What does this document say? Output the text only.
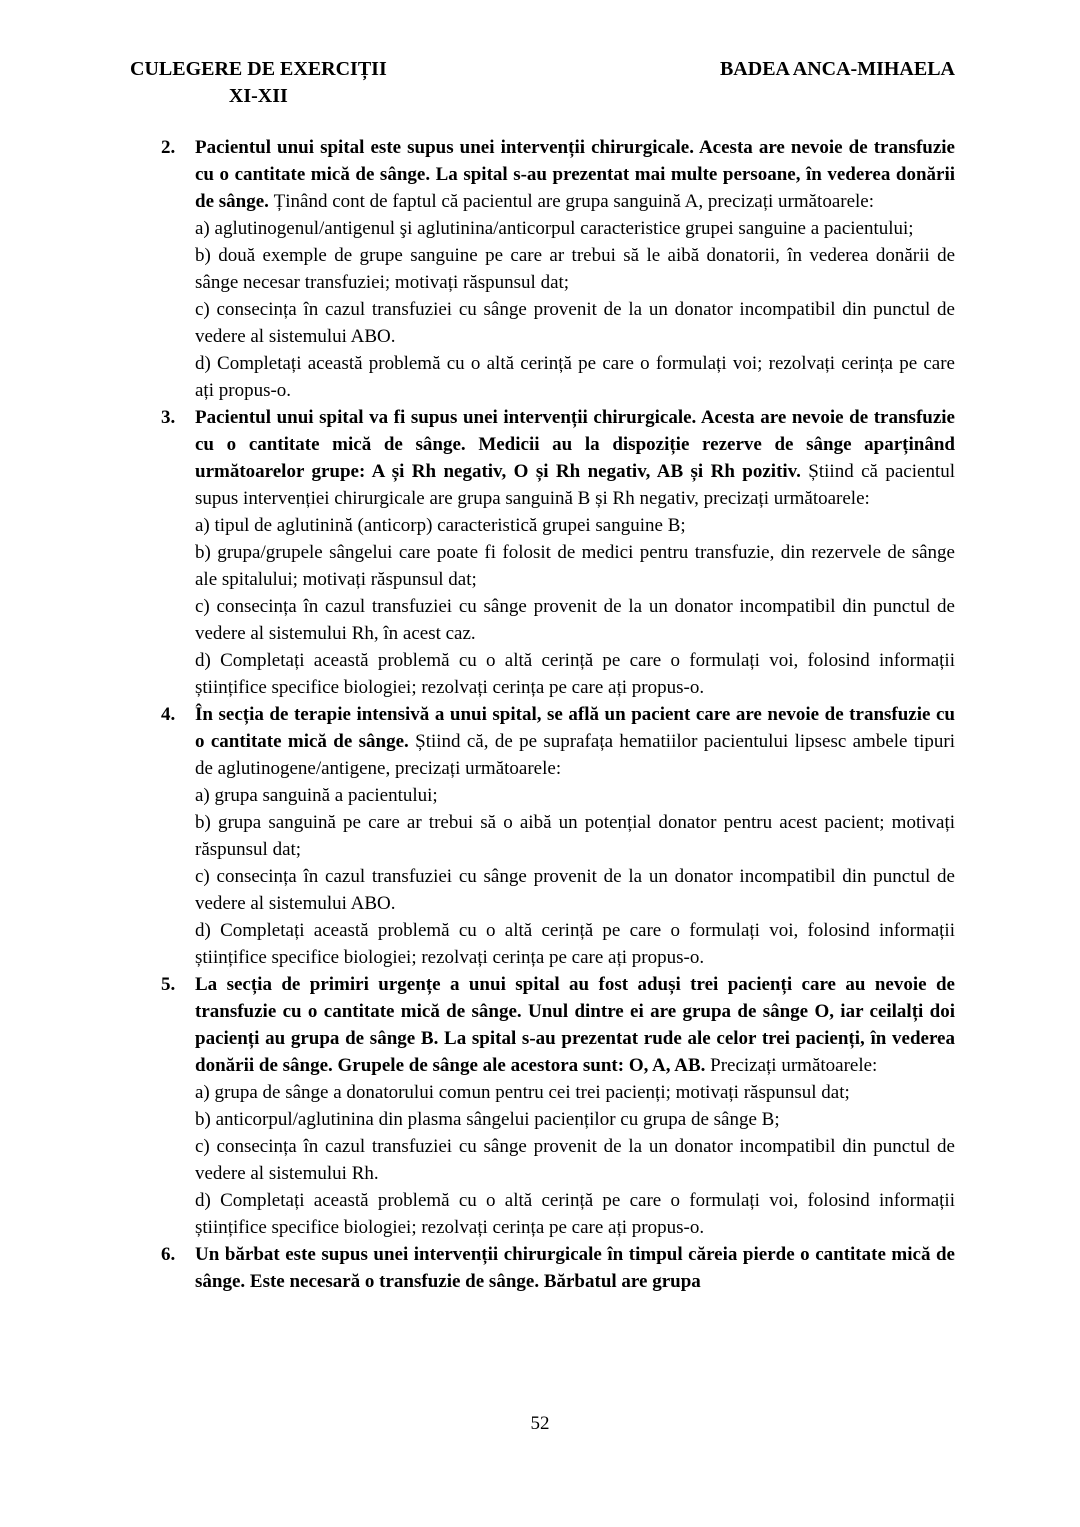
CULEGERE DE EXERCIȚII
XI-XII
BADEA ANCA-MIHAELA
2.	Pacientul unui spital este supus unei intervenții chirurgicale. Acesta are nevoie de transfuzie cu o cantitate mică de sânge. La spital s-au prezentat mai multe persoane, în vederea donării de sânge. Ținând cont de faptul că pacientul are grupa sanguină A, precizați următoarele:

a) aglutinogenul/antigenul şi aglutinina/anticorpul caracteristice grupei sanguine a pacientului;

b) două exemple de grupe sanguine pe care ar trebui să le aibă donatorii, în vederea donării de sânge necesar transfuziei; motivați răspunsul dat;

c) consecința în cazul transfuziei cu sânge provenit de la un donator incompatibil din punctul de vedere al sistemului ABO.

d) Completați această problemă cu o altă cerință pe care o formulați voi; rezolvați cerința pe care ați propus-o.

3.	Pacientul unui spital va fi supus unei intervenții chirurgicale. Acesta are nevoie de transfuzie cu o cantitate mică de sânge. Medicii au la dispoziție rezerve de sânge aparținând următoarelor grupe: A și Rh negativ, O și Rh negativ, AB și Rh pozitiv. Știind că pacientul supus intervenției chirurgicale are grupa sanguină B și Rh negativ, precizați următoarele:

a) tipul de aglutinină (anticorp) caracteristică grupei sanguine B;

b) grupa/grupele sângelui care poate fi folosit de medici pentru transfuzie, din rezervele de sânge ale spitalului; motivați răspunsul dat;

c) consecința în cazul transfuziei cu sânge provenit de la un donator incompatibil din punctul de vedere al sistemului Rh, în acest caz.

d) Completați această problemă cu o altă cerință pe care o formulați voi, folosind informații științifice specifice biologiei; rezolvați cerința pe care ați propus-o.

4.	În secția de terapie intensivă a unui spital, se află un pacient care are nevoie de transfuzie cu o cantitate mică de sânge. Știind că, de pe suprafața hematiilor pacientului lipsesc ambele tipuri de aglutinogene/antigene, precizați următoarele:

a) grupa sanguină a pacientului;

b) grupa sanguină pe care ar trebui să o aibă un potențial donator pentru acest pacient; motivați răspunsul dat;

c) consecința în cazul transfuziei cu sânge provenit de la un donator incompatibil din punctul de vedere al sistemului ABO.

d) Completați această problemă cu o altă cerință pe care o formulați voi, folosind informații științifice specifice biologiei; rezolvați cerința pe care ați propus-o.

5.	La secția de primiri urgențe a unui spital au fost aduși trei pacienți care au nevoie de transfuzie cu o cantitate mică de sânge. Unul dintre ei are grupa de sânge O, iar ceilalți doi pacienți au grupa de sânge B. La spital s-au prezentat rude ale celor trei pacienți, în vederea donării de sânge. Grupele de sânge ale acestora sunt: O, A, AB. Precizați următoarele:

a) grupa de sânge a donatorului comun pentru cei trei pacienți; motivați răspunsul dat;

b) anticorpul/aglutinina din plasma sângelui pacienților cu grupa de sânge B;

c) consecința în cazul transfuziei cu sânge provenit de la un donator incompatibil din punctul de vedere al sistemului Rh.

d) Completați această problemă cu o altă cerință pe care o formulați voi, folosind informații științifice specifice biologiei; rezolvați cerința pe care ați propus-o.

6.	Un bărbat este supus unei intervenții chirurgicale în timpul căreia pierde o cantitate mică de sânge. Este necesară o transfuzie de sânge. Bărbatul are grupa

52
